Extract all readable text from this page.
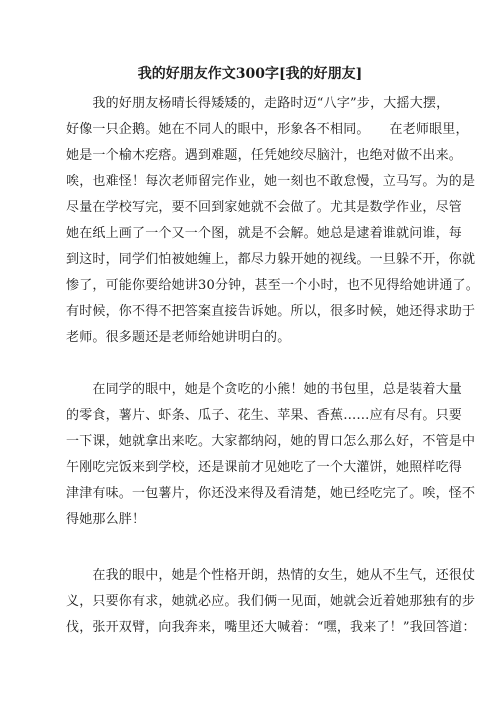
我的好朋友作文300字[我的好朋友]
　　我的好朋友杨晴长得矮矮的，走路时迈“八字”步，大摇大摆，
好像一只企鹅。她在不同人的眼中，形象各不相同。　　在老师眼里，
她是一个榆木疙瘩。遇到难题，任凭她绞尽脑汁，也绝对做不出来。
唉，也难怪！每次老师留完作业，她一刻也不敢怠慢，立马写。为的是
尽量在学校写完，要不回到家她就不会做了。尤其是数学作业，尽管
她在纸上画了一个又一个图，就是不会解。她总是逮着谁就问谁，每
到这时，同学们怕被她缠上，都尽力躲开她的视线。一旦躲不开，你就
惨了，可能你要给她讲30分钟，甚至一个小时，也不见得给她讲通了。
有时候，你不得不把答案直接告诉她。所以，很多时候，她还得求助于
老师。很多题还是老师给她讲明白的。
　　在同学的眼中，她是个贪吃的小熊！她的书包里，总是装着大量
的零食，薯片、虾条、瓜子、花生、苹果、香蕉……应有尽有。只要
一下课，她就拿出来吃。大家都纳闷，她的胃口怎么那么好，不管是中
午刚吃完饭来到学校，还是课前才见她吃了一个大灌饼，她照样吃得
津津有味。一包薯片，你还没来得及看清楚，她已经吃完了。唉，怪不
得她那么胖！
　　在我的眼中，她是个性格开朗，热情的女生，她从不生气，还很仗
义，只要你有求，她就必应。我们俩一见面，她就会近着她那独有的步
伐，张开双臂，向我奔来，嘴里还大喊着：“嘿，我来了！”我回答道：
